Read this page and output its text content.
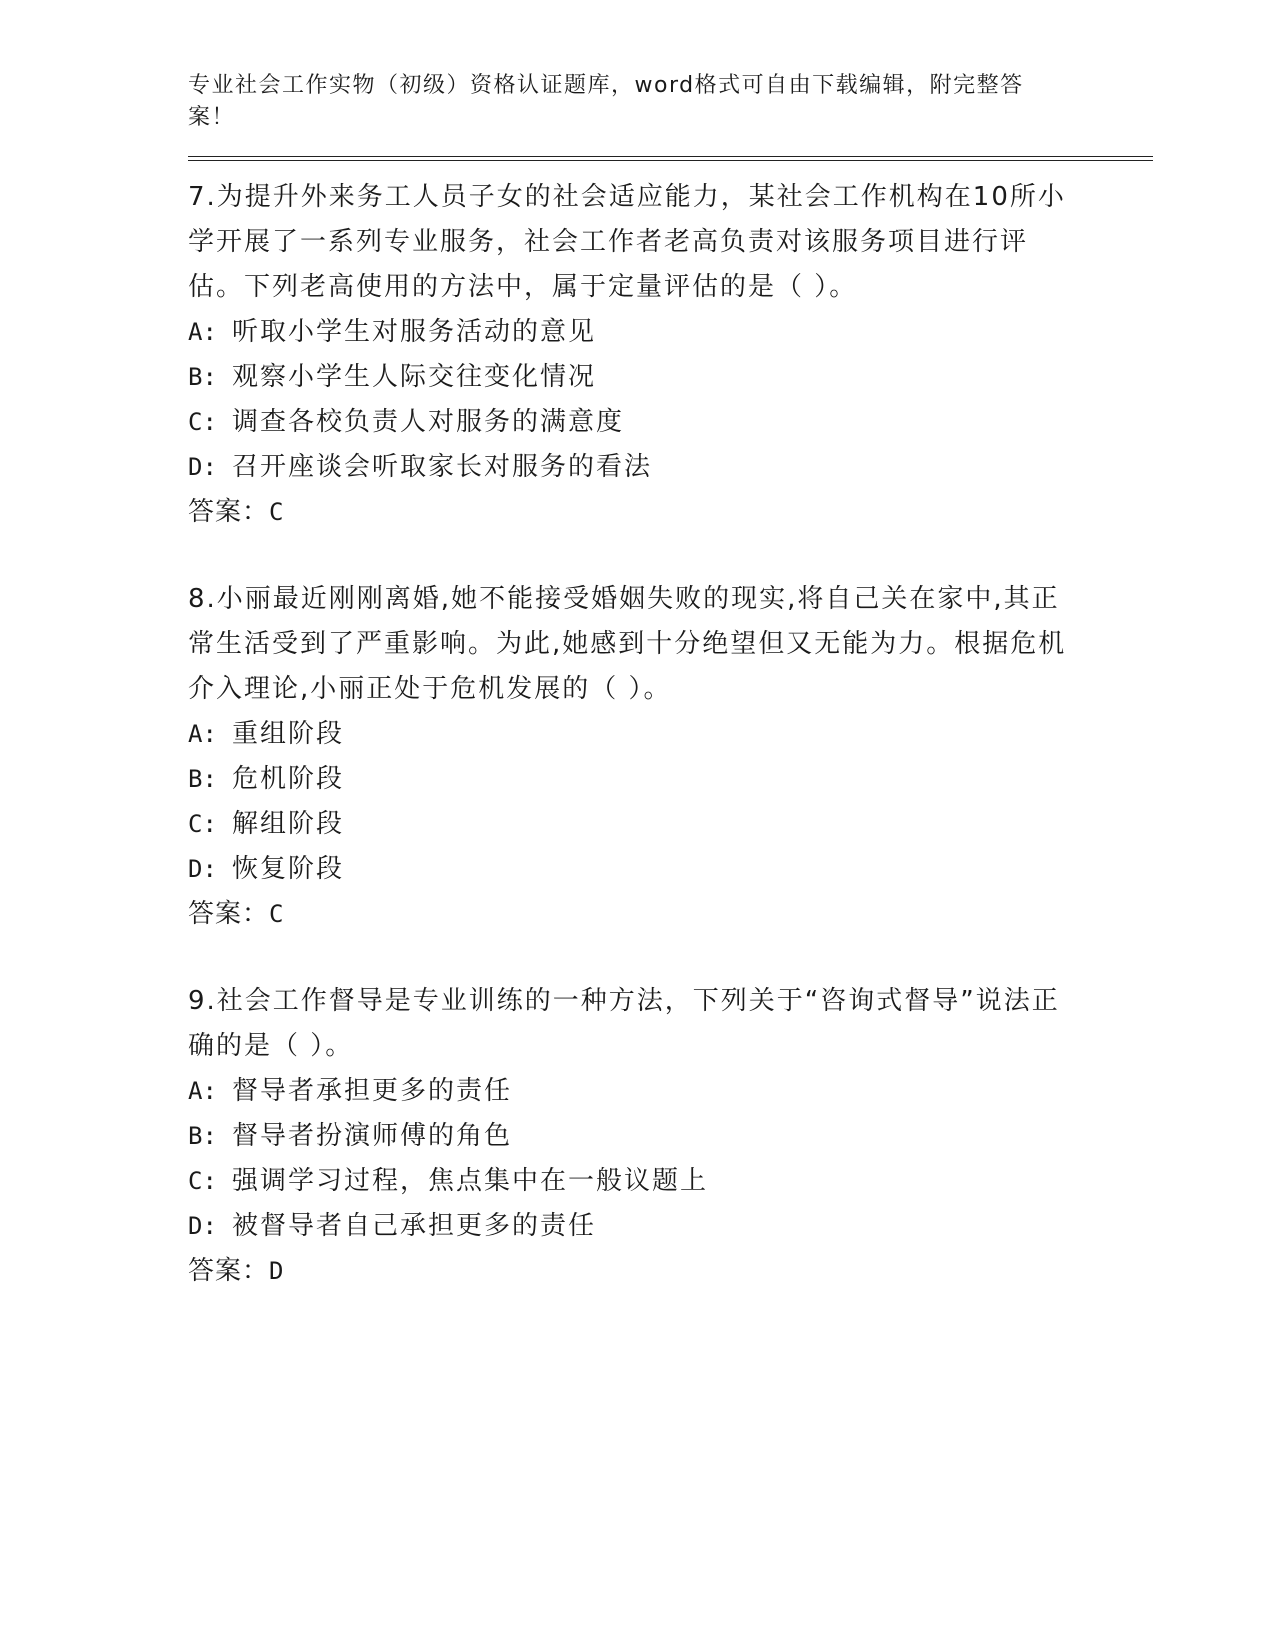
专业社会工作实物（初级）资格认证题库，word格式可自由下载编辑，附完整答案！

7.为提升外来务工人员子女的社会适应能力，某社会工作机构在10所小学开展了一系列专业服务，社会工作者老高负责对该服务项目进行评估。下列老高使用的方法中，属于定量评估的是（ ）。

A: 听取小学生对服务活动的意见
B: 观察小学生人际交往变化情况
C: 调查各校负责人对服务的满意度
D: 召开座谈会听取家长对服务的看法
答案：C

8.小丽最近刚刚离婚,她不能接受婚姻失败的现实,将自己关在家中,其正常生活受到了严重影响。为此,她感到十分绝望但又无能为力。根据危机介入理论,小丽正处于危机发展的（ ）。

A: 重组阶段
B: 危机阶段
C: 解组阶段
D: 恢复阶段
答案：C

9.社会工作督导是专业训练的一种方法，下列关于“咨询式督导”说法正确的是（ ）。

A: 督导者承担更多的责任
B: 督导者扮演师傅的角色
C: 强调学习过程，焦点集中在一般议题上
D: 被督导者自己承担更多的责任
答案：D
